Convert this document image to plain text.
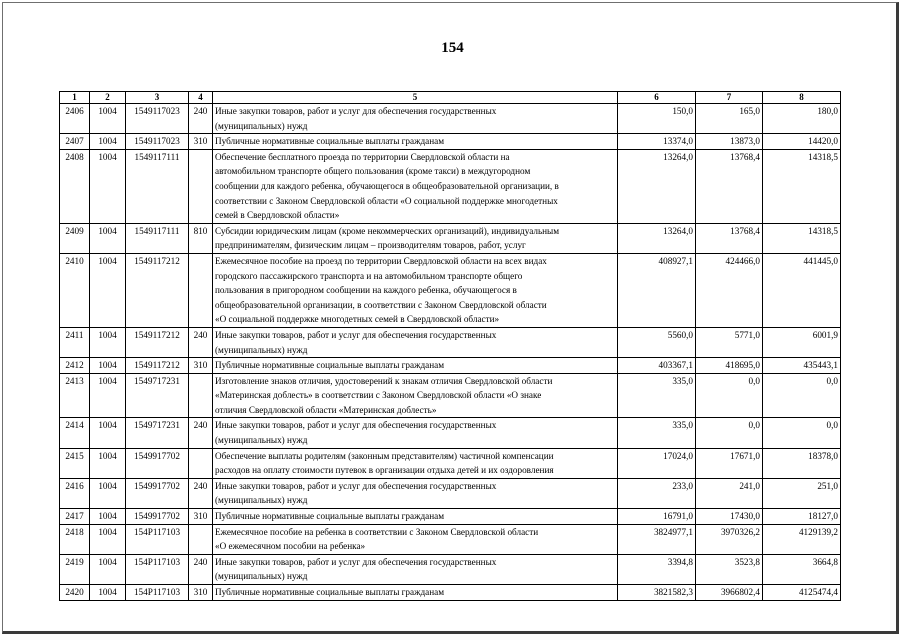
154
1	2	3	4	5	6	7	8
2406	1004	1549117023	240	Иные закупки товаров, работ и услуг для обеспечения государственных
(муниципальных) нужд	150,0	165,0	180,0
2407	1004	1549117023	310	Публичные нормативные социальные выплаты гражданам	13374,0	13873,0	14420,0
2408	1004	1549117111		Обеспечение бесплатного проезда по территории Свердловской области на
автомобильном транспорте общего пользования (кроме такси) в междугородном
сообщении для каждого ребенка, обучающегося в общеобразовательной организации, в
соответствии с Законом Свердловской области «О социальной поддержке многодетных
семей в Свердловской области»	13264,0	13768,4	14318,5
2409	1004	1549117111	810	Субсидии юридическим лицам (кроме некоммерческих организаций), индивидуальным
предпринимателям, физическим лицам – производителям товаров, работ, услуг	13264,0	13768,4	14318,5
2410	1004	1549117212		Ежемесячное пособие на проезд по территории Свердловской области на всех видах
городского пассажирского транспорта и на автомобильном транспорте общего
пользования в пригородном сообщении на каждого ребенка, обучающегося в
общеобразовательной организации, в соответствии с Законом Свердловской области
«О социальной поддержке многодетных семей в Свердловской области»	408927,1	424466,0	441445,0
2411	1004	1549117212	240	Иные закупки товаров, работ и услуг для обеспечения государственных
(муниципальных) нужд	5560,0	5771,0	6001,9
2412	1004	1549117212	310	Публичные нормативные социальные выплаты гражданам	403367,1	418695,0	435443,1
2413	1004	1549717231		Изготовление знаков отличия, удостоверений к знакам отличия Свердловской области
«Материнская доблесть» в соответствии с Законом Свердловской области «О знаке
отличия Свердловской области «Материнская доблесть»	335,0	0,0	0,0
2414	1004	1549717231	240	Иные закупки товаров, работ и услуг для обеспечения государственных
(муниципальных) нужд	335,0	0,0	0,0
2415	1004	1549917702		Обеспечение выплаты родителям (законным представителям) частичной компенсации
расходов на оплату стоимости путевок в организации отдыха детей и их оздоровления	17024,0	17671,0	18378,0
2416	1004	1549917702	240	Иные закупки товаров, работ и услуг для обеспечения государственных
(муниципальных) нужд	233,0	241,0	251,0
2417	1004	1549917702	310	Публичные нормативные социальные выплаты гражданам	16791,0	17430,0	18127,0
2418	1004	154P117103		Ежемесячное пособие на ребенка в соответствии с Законом Свердловской области
«О ежемесячном пособии на ребенка»	3824977,1	3970326,2	4129139,2
2419	1004	154P117103	240	Иные закупки товаров, работ и услуг для обеспечения государственных
(муниципальных) нужд	3394,8	3523,8	3664,8
2420	1004	154P117103	310	Публичные нормативные социальные выплаты гражданам	3821582,3	3966802,4	4125474,4
